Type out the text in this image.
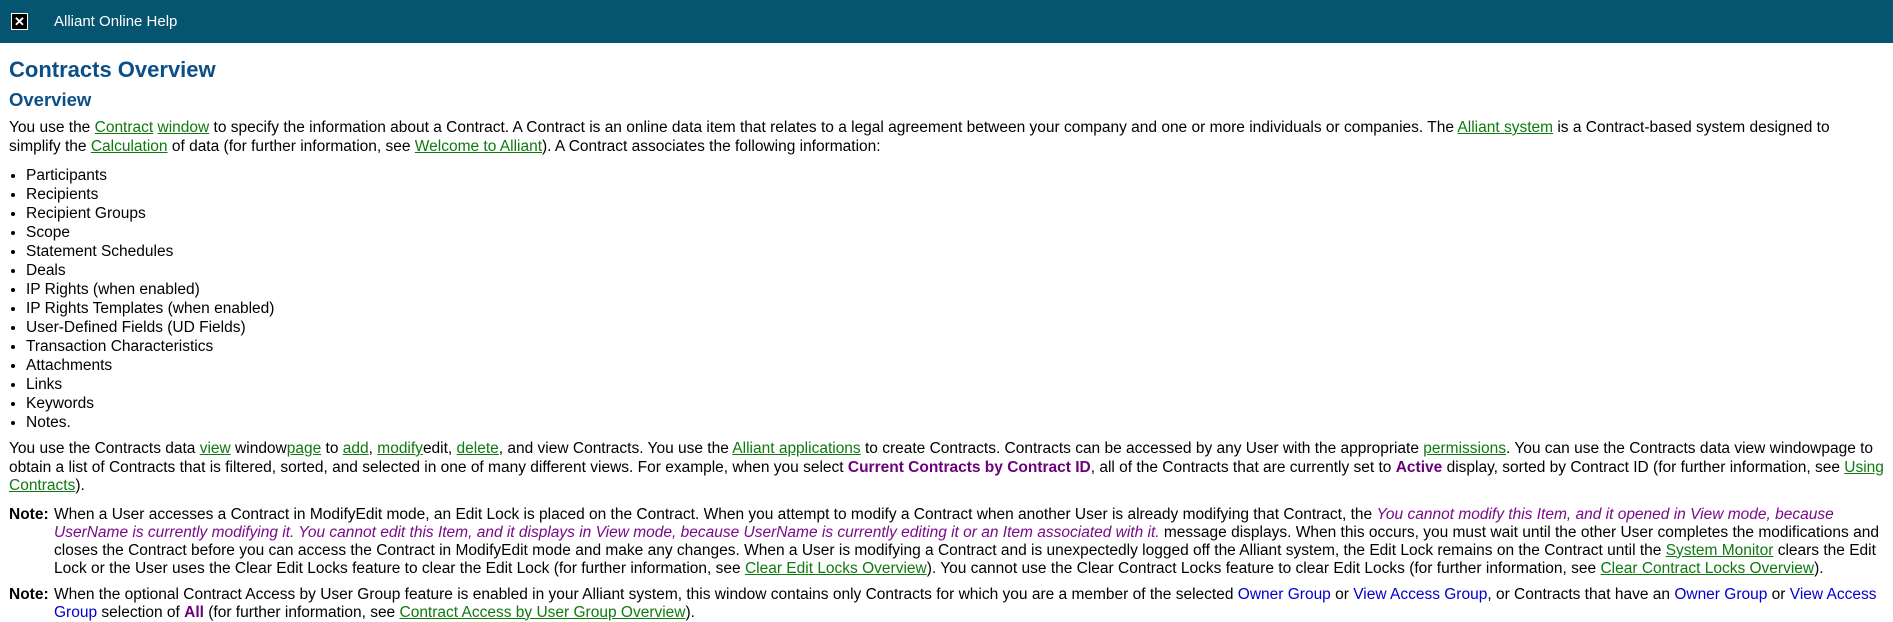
✕ Alliant Online Help
Contracts Overview
Overview

You use the Contract window to specify the information about a Contract. A Contract is an online data item that relates to a legal agreement between your company and one or more individuals or companies. The Alliant system is a Contract-based system designed to simplify the Calculation of data (for further information, see Welcome to Alliant). A Contract associates the following information:

• Participants
• Recipients
• Recipient Groups
• Scope
• Statement Schedules
• Deals
• IP Rights (when enabled)
• IP Rights Templates (when enabled)
• User-Defined Fields (UD Fields)
• Transaction Characteristics
• Attachments
• Links
• Keywords
• Notes.

You use the Contracts data view windowpage to add, modifyedit, delete, and view Contracts. You use the Alliant applications to create Contracts. Contracts can be accessed by any User with the appropriate permissions. You can use the Contracts data view windowpage to obtain a list of Contracts that is filtered, sorted, and selected in one of many different views. For example, when you select Current Contracts by Contract ID, all of the Contracts that are currently set to Active display, sorted by Contract ID (for further information, see Using Contracts).

Note: When a User accesses a Contract in ModifyEdit mode, an Edit Lock is placed on the Contract. When you attempt to modify a Contract when another User is already modifying that Contract, the You cannot modify this Item, and it opened in View mode, because UserName is currently modifying it. You cannot edit this Item, and it displays in View mode, because UserName is currently editing it or an Item associated with it. message displays. When this occurs, you must wait until the other User completes the modifications and closes the Contract before you can access the Contract in ModifyEdit mode and make any changes. When a User is modifying a Contract and is unexpectedly logged off the Alliant system, the Edit Lock remains on the Contract until the System Monitor clears the Edit Lock or the User uses the Clear Edit Locks feature to clear the Edit Lock (for further information, see Clear Edit Locks Overview). You cannot use the Clear Contract Locks feature to clear Edit Locks (for further information, see Clear Contract Locks Overview).
Note: When the optional Contract Access by User Group feature is enabled in your Alliant system, this window contains only Contracts for which you are a member of the selected Owner Group or View Access Group, or Contracts that have an Owner Group or View Access Group selection of All (for further information, see Contract Access by User Group Overview).
